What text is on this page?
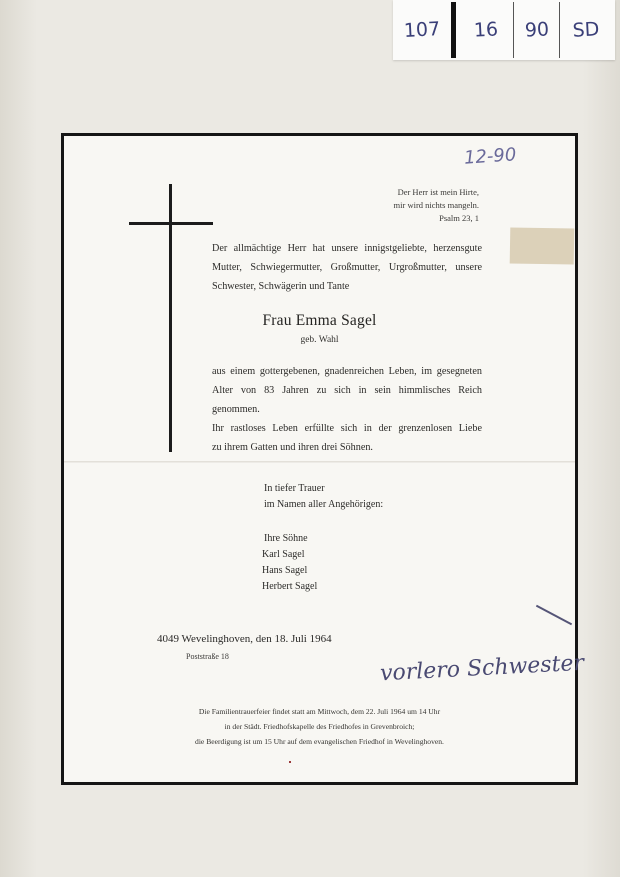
107	16	90	SD
12-90
Der Herr ist mein Hirte,
mir wird nichts mangeln.
Psalm 23, 1
Der allmächtige Herr hat unsere innigstgeliebte, herzensgute
Mutter, Schwiegermutter, Großmutter, Urgroßmutter, unsere
Schwester, Schwägerin und Tante
Frau Emma Sagel
geb. Wahl
aus einem gottergebenen, gnadenreichen Leben, im gesegneten
Alter von 83 Jahren zu sich in sein himmlisches Reich
genommen.
Ihr rastloses Leben erfüllte sich in der grenzenlosen Liebe
zu ihrem Gatten und ihren drei Söhnen.
In tiefer Trauer
im Namen aller Angehörigen:
Ihre Söhne
Karl Sagel
Hans Sagel
Herbert Sagel
4049 Wevelinghoven, den 18. Juli 1964
Poststraße 18	vorlero Schwester
Die Familientrauerfeier findet statt am Mittwoch, dem 22. Juli 1964 um 14 Uhr
in der Städt. Friedhofskapelle des Friedhofes in Grevenbroich;
die Beerdigung ist um 15 Uhr auf dem evangelischen Friedhof in Wevelinghoven.
